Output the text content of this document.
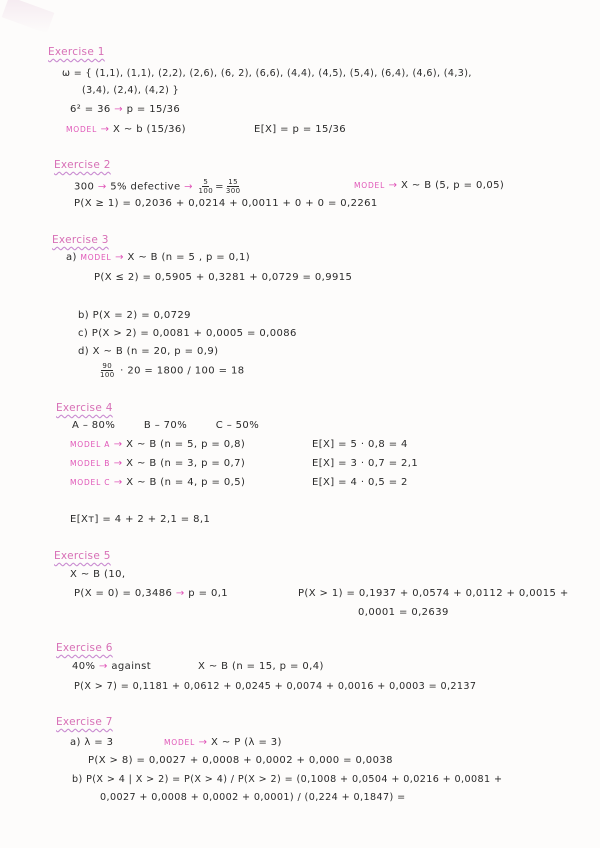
Exercise 1
ω = { (1,1), (1,1), (2,2), (2,6), (6, 2), (6,6), (4,4), (4,5), (5,4), (6,4), (4,6), (4,3),
(3,4), (2,4), (4,2) }
6² = 36 → p = 15/36
MODEL → X ~ b (15/36)	E[X] = p = 15/36
Exercise 2
300 → 5% defective → $\frac{5}{100} = \frac{15}{300}$	MODEL → X ~ B (5, p = 0,05)
P(X ≥ 1) = 0,2036 + 0,0214 + 0,0011 + 0 + 0 = 0,2261
Exercise 3
a) MODEL → X ~ B (n = 5 , p = 0,1)
P(X ≤ 2) = 0,5905 + 0,3281 + 0,0729 = 0,9915
b) P(X = 2) = 0,0729
c) P(X > 2) = 0,0081 + 0,0005 = 0,0086
d) X ~ B (n = 20, p = 0,9)
$\frac{90}{100} \cdot 20 = 1800 / 100 = 18$
Exercise 4
A – 80%        B – 70%        C – 50%
MODEL A → X ~ B (n = 5, p = 0,8)	E[X] = 5 · 0,8 = 4
MODEL B → X ~ B (n = 3, p = 0,7)	E[X] = 3 · 0,7 = 2,1
MODEL C → X ~ B (n = 4, p = 0,5)	E[X] = 4 · 0,5 = 2
E[Xᴛ] = 4 + 2 + 2,1 = 8,1
Exercise 5
X ~ B (10,
P(X = 0) = 0,3486 → p = 0,1	P(X > 1) = 0,1937 + 0,0574 + 0,0112 + 0,0015 +
0,0001 = 0,2639
Exercise 6
40% → against	X ~ B (n = 15, p = 0,4)
P(X > 7) = 0,1181 + 0,0612 + 0,0245 + 0,0074 + 0,0016 + 0,0003 = 0,2137
Exercise 7
a) λ = 3	MODEL → X ~ P (λ = 3)
P(X > 8) = 0,0027 + 0,0008 + 0,0002 + 0,000 = 0,0038
b) P(X > 4 | X > 2) = P(X > 4) / P(X > 2) = (0,1008 + 0,0504 + 0,0216 + 0,0081 +
0,0027 + 0,0008 + 0,0002 + 0,0001) / (0,224 + 0,1847) =
